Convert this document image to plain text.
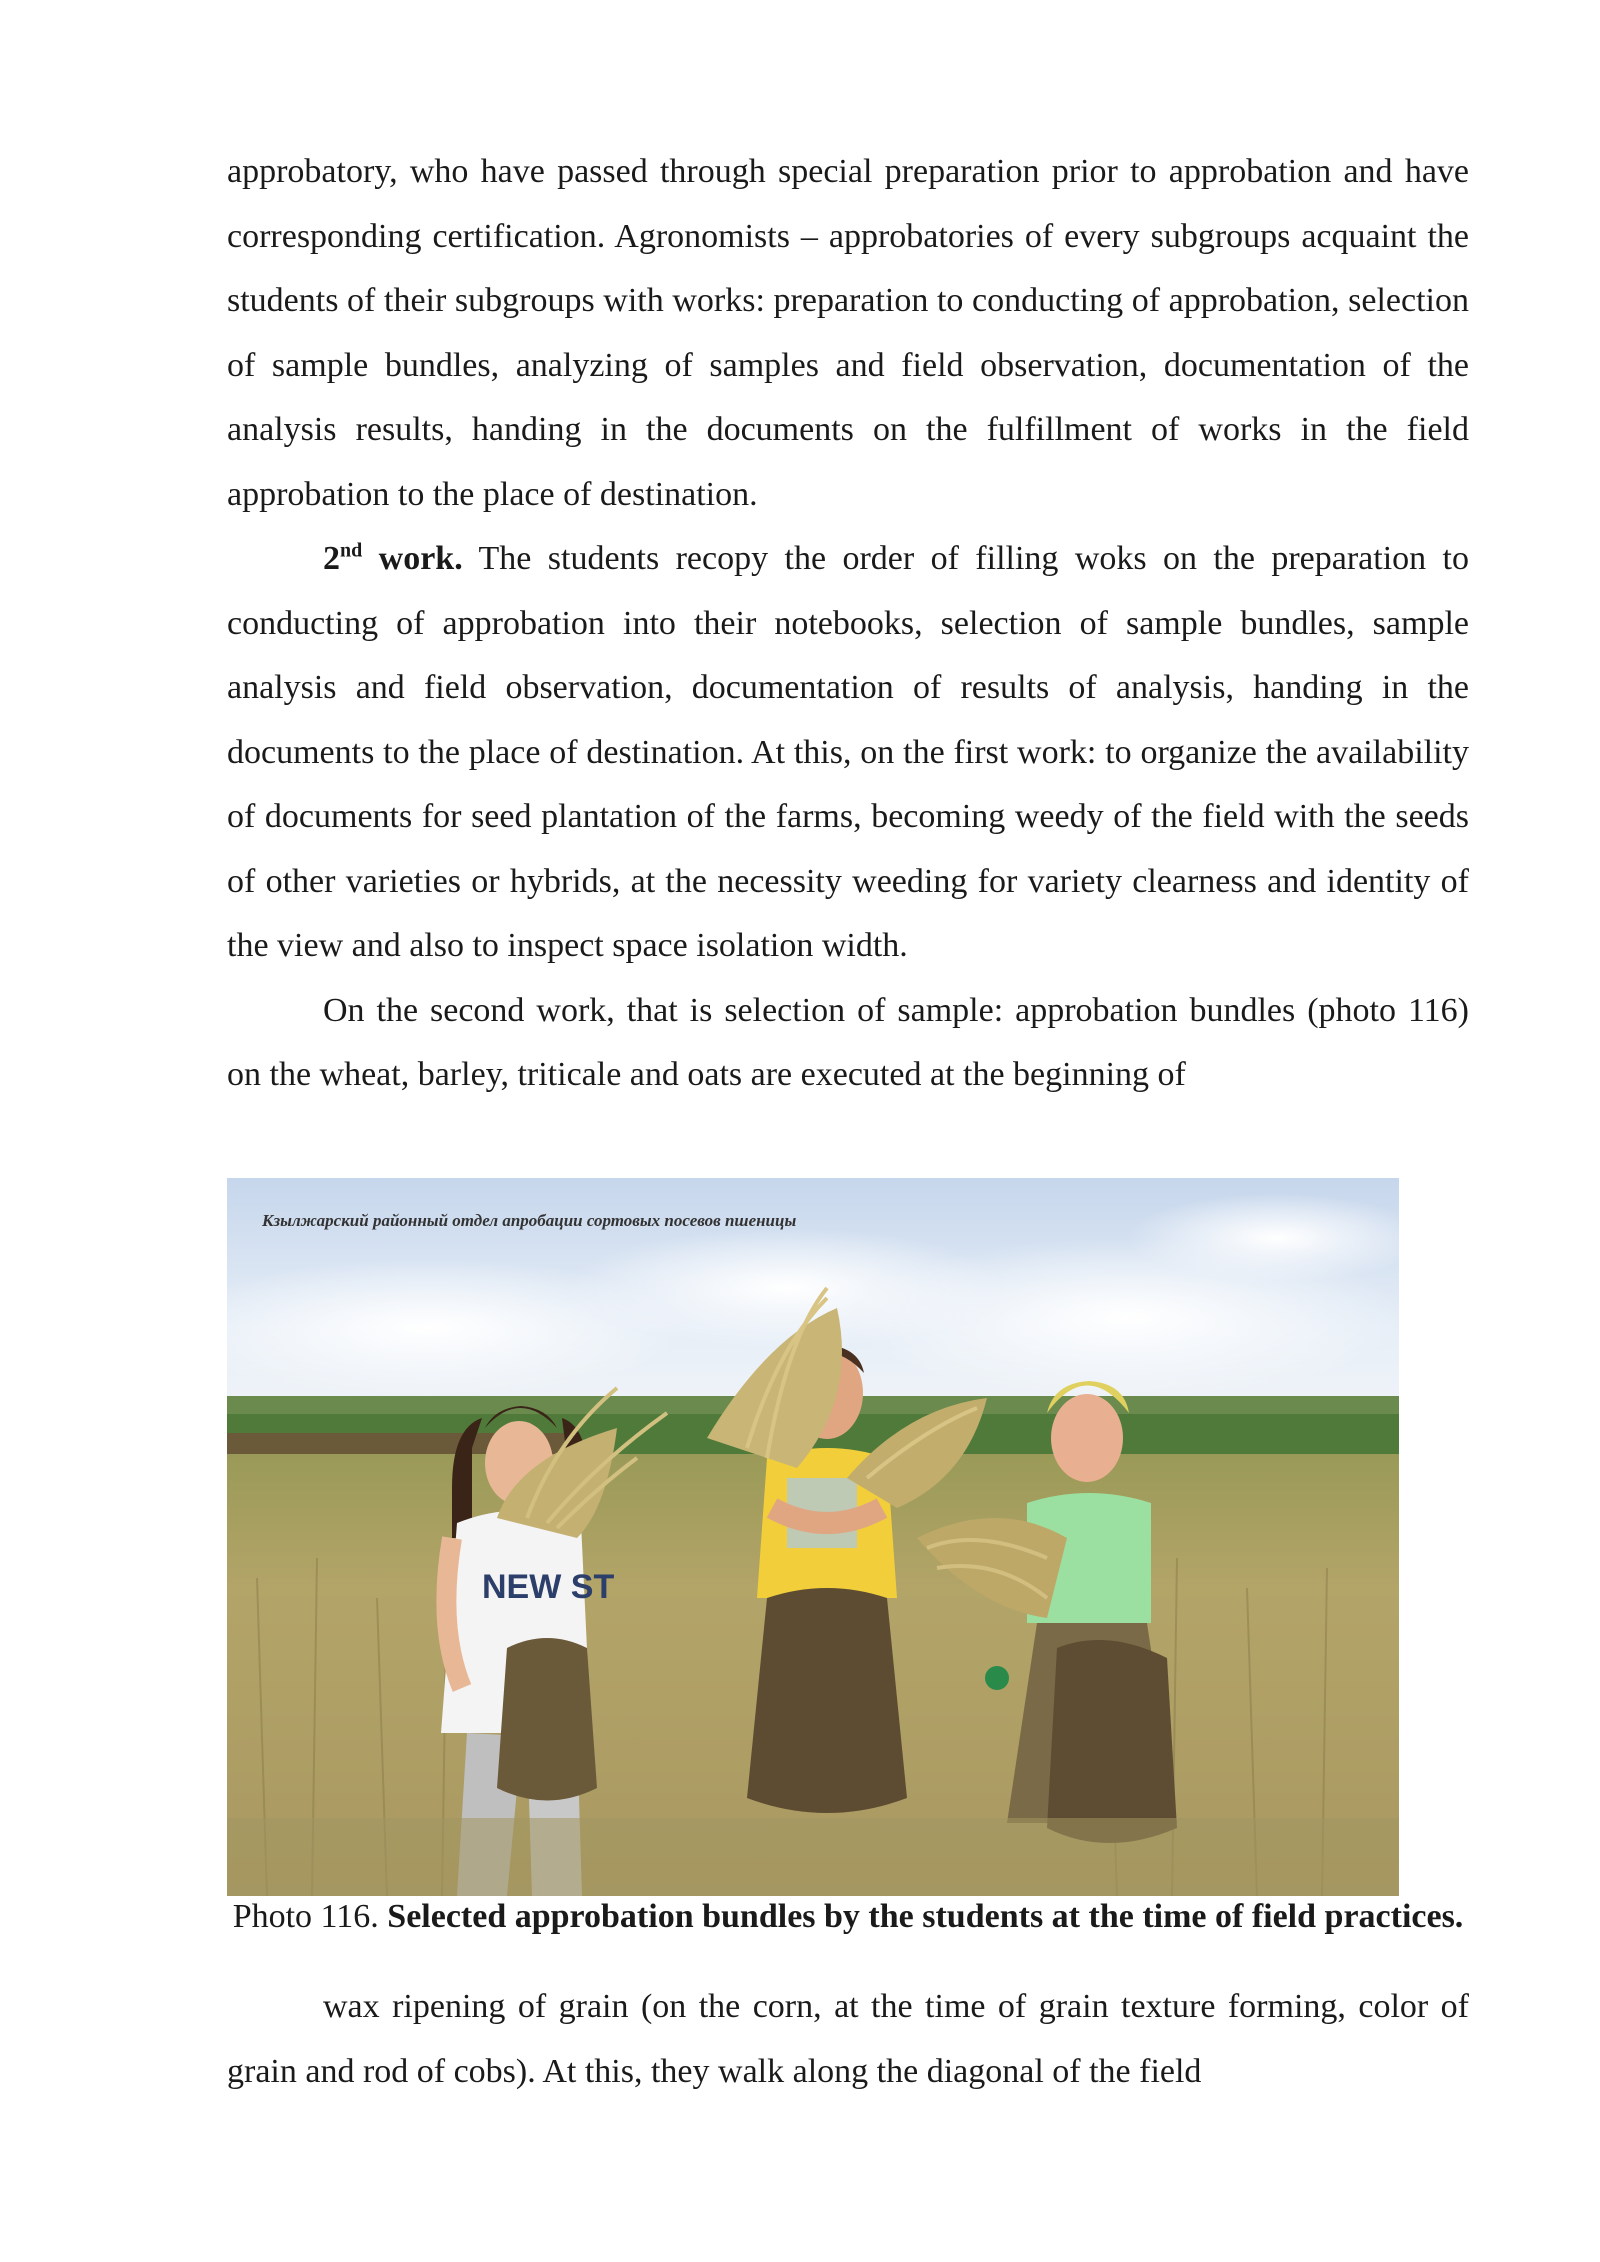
approbatory, who have passed through special preparation prior to approbation and have corresponding certification. Agronomists – approbatories of every subgroups acquaint the students of their subgroups with works: preparation to conducting of approbation, selection of sample bundles, analyzing of samples and field observation, documentation of the analysis results, handing in the documents on the fulfillment of works in the field approbation to the place of destination.

2nd work. The students recopy the order of filling woks on the preparation to conducting of approbation into their notebooks, selection of sample bundles, sample analysis and field observation, documentation of results of analysis, handing in the documents to the place of destination. At this, on the first work: to organize the availability of documents for seed plantation of the farms, becoming weedy of the field with the seeds of other varieties or hybrids, at the necessity weeding for variety clearness and identity of the view and also to inspect space isolation width.

On the second work, that is selection of sample: approbation bundles (photo 116) on the wheat, barley, triticale and oats are executed at the beginning of

Кзылжарский районный отдел апробации сортовых посевов пшеницы
NEW ST
Photo 116. Selected approbation bundles by the students at the time of field practices.

wax ripening of grain (on the corn, at the time of grain texture forming, color of grain and rod of cobs). At this, they walk along the diagonal of the field
